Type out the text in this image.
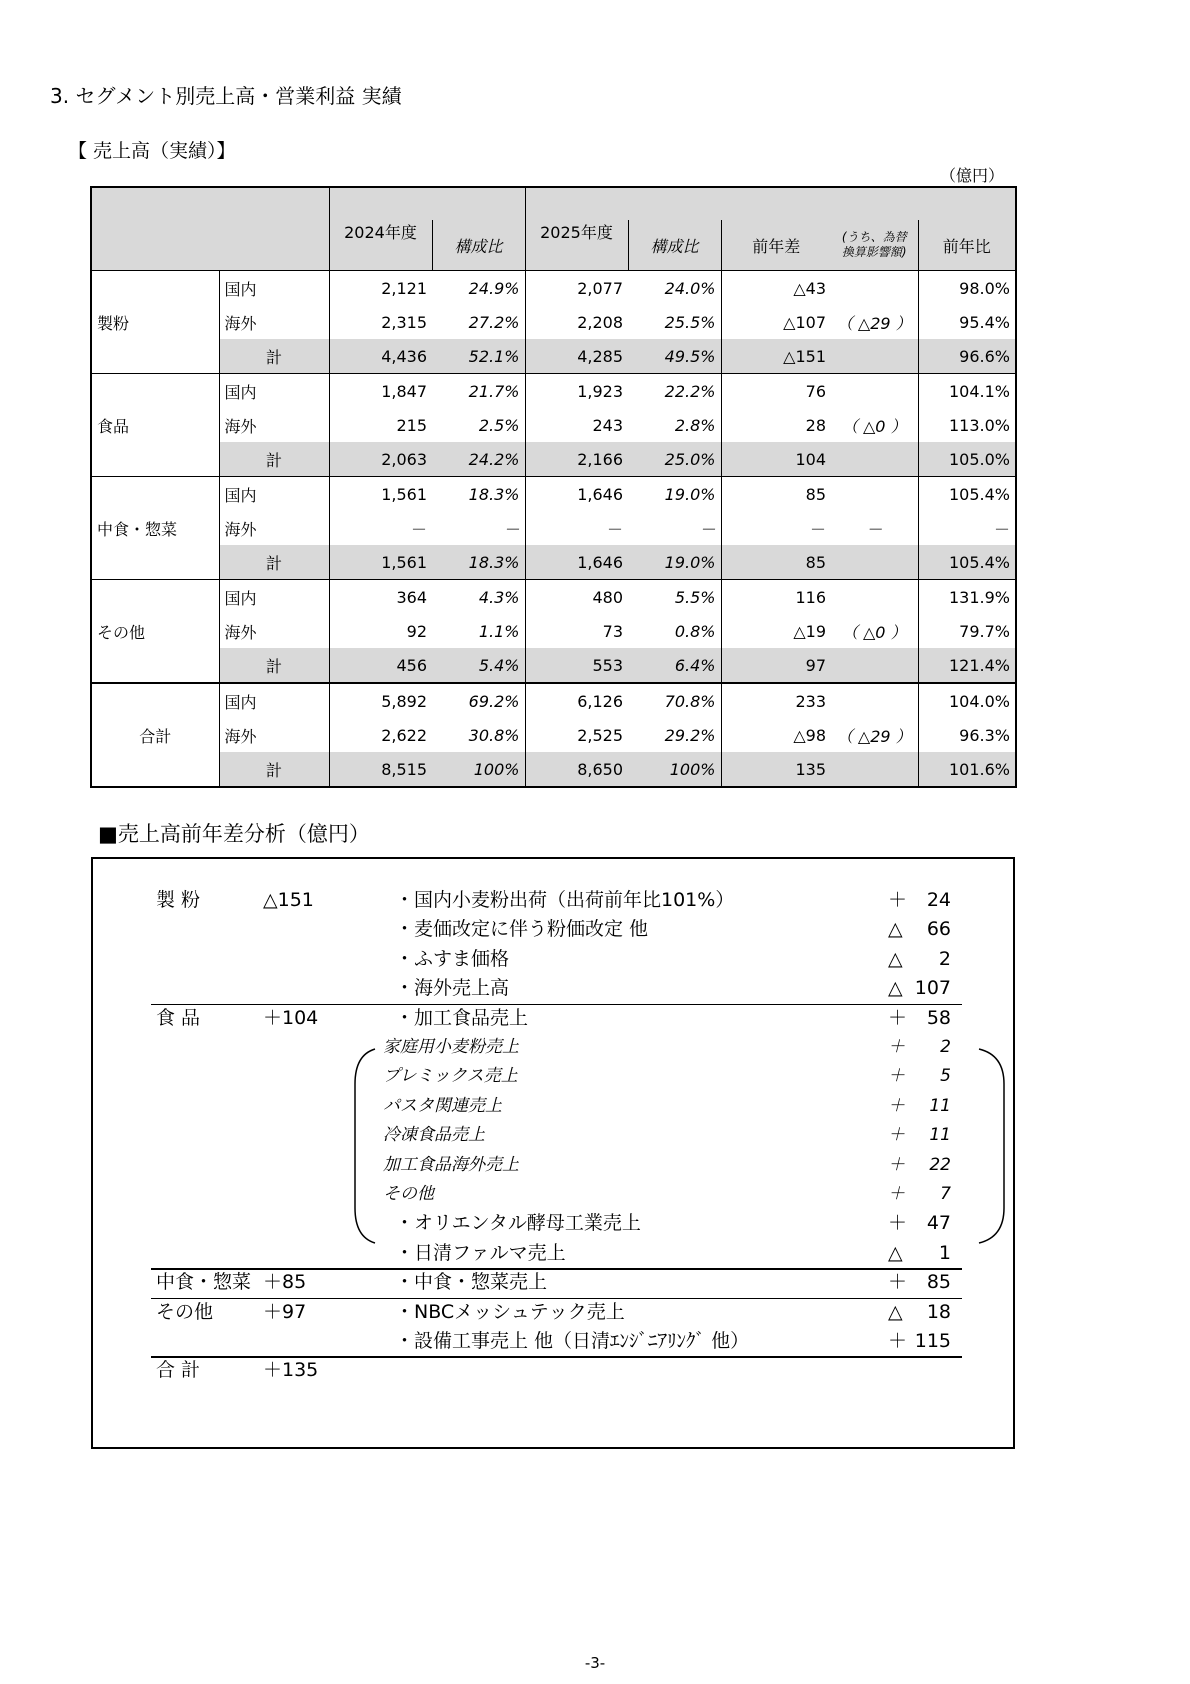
3. セグメント別売上高・営業利益 実績
【 売上高（実績）】
（億円）

		2024年度	構成比	2025年度	構成比	前年差	(うち、為替換算影響額)	前年比
製粉	国内	2,121	24.9%	2,077	24.0%	△43		98.0%
	海外	2,315	27.2%	2,208	25.5%	△107	（ △29 ）	95.4%
	計	4,436	52.1%	4,285	49.5%	△151		96.6%
食品	国内	1,847	21.7%	1,923	22.2%	76		104.1%
	海外	215	2.5%	243	2.8%	28	（ △0 ）	113.0%
	計	2,063	24.2%	2,166	25.0%	104		105.0%
中食・惣菜	国内	1,561	18.3%	1,646	19.0%	85		105.4%
	海外	－	－	－	－	－	－	－
	計	1,561	18.3%	1,646	19.0%	85		105.4%
その他	国内	364	4.3%	480	5.5%	116		131.9%
	海外	92	1.1%	73	0.8%	△19	（ △0 ）	79.7%
	計	456	5.4%	553	6.4%	97		121.4%
合計	国内	5,892	69.2%	6,126	70.8%	233		104.0%
	海外	2,622	30.8%	2,525	29.2%	△98	（ △29 ）	96.3%
	計	8,515	100%	8,650	100%	135		101.6%
■売上高前年差分析（億円）
製 粉	△151	・国内小麦粉出荷（出荷前年比101%）	＋ 24
・麦価改定に伴う粉価改定 他	△ 66
・ふすま価格	△ 2
・海外売上高	△ 107
食 品	＋104	・加工食品売上	＋ 58
家庭用小麦粉売上	＋ 2
プレミックス売上	＋ 5
パスタ関連売上	＋ 11
冷凍食品売上	＋ 11
加工食品海外売上	＋ 22
その他	＋ 7
・オリエンタル酵母工業売上	＋ 47
・日清ファルマ売上	△ 1
中食・惣菜 ＋85	・中食・惣菜売上	＋ 85
その他	＋97	・NBCメッシュテック売上	△ 18
・設備工事売上 他（日清ｴﾝｼﾞﾆｱﾘﾝｸﾞ 他）	＋ 115
合 計	＋135
-3-
